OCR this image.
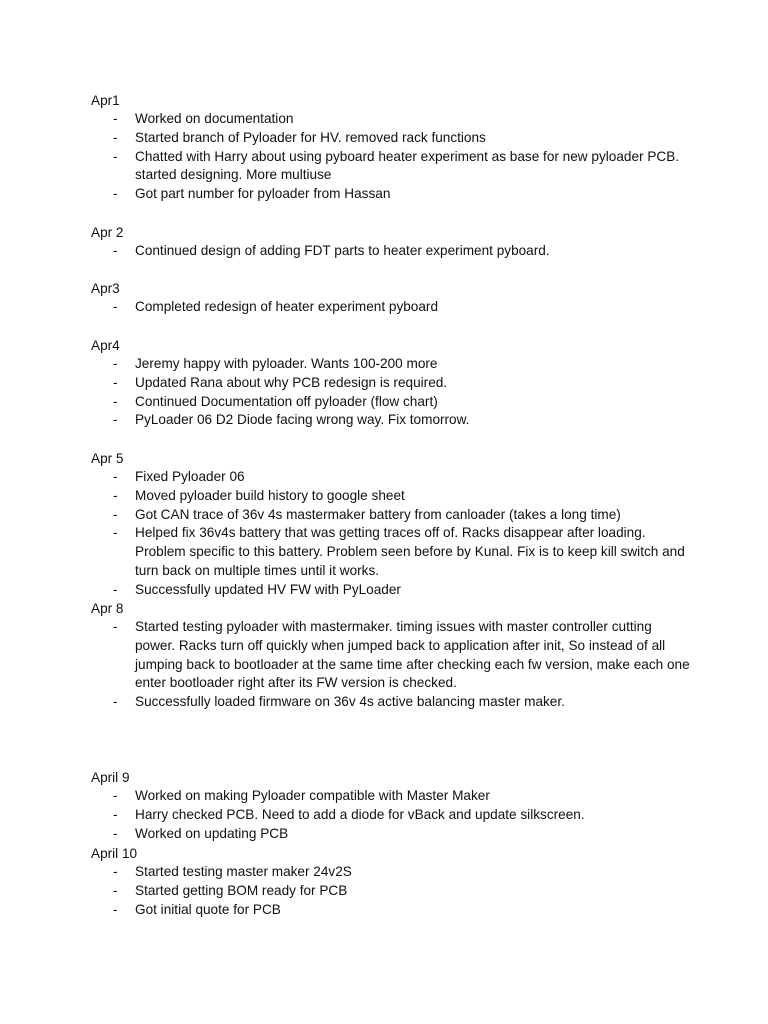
Apr1
- Worked on documentation
- Started branch of Pyloader for HV. removed rack functions
- Chatted with Harry about using pyboard heater experiment as base for new pyloader PCB. started designing. More multiuse
- Got part number for pyloader from Hassan
Apr 2
- Continued design of adding FDT parts to heater experiment pyboard.
Apr3
- Completed redesign of heater experiment pyboard
Apr4
- Jeremy happy with pyloader. Wants 100-200 more
- Updated Rana about why PCB redesign is required.
- Continued Documentation off pyloader (flow chart)
- PyLoader 06 D2 Diode facing wrong way. Fix tomorrow.
Apr 5
- Fixed Pyloader 06
- Moved pyloader build history to google sheet
- Got CAN trace of 36v 4s mastermaker battery from canloader (takes a long time)
- Helped fix 36v4s battery that was getting traces off of. Racks disappear after loading. Problem specific to this battery. Problem seen before by Kunal. Fix is to keep kill switch and turn back on multiple times until it works.
- Successfully updated HV FW with PyLoader
Apr 8
- Started testing pyloader with mastermaker. timing issues with master controller cutting power. Racks turn off quickly when jumped back to application after init, So instead of all jumping back to bootloader at the same time after checking each fw version, make each one enter bootloader right after its FW version is checked.
- Successfully loaded firmware on 36v 4s active balancing master maker.
April 9
- Worked on making Pyloader compatible with Master Maker
- Harry checked PCB. Need to add a diode for vBack and update silkscreen.
- Worked on updating PCB
April 10
- Started testing master maker 24v2S
- Started getting BOM ready for PCB
- Got initial quote for PCB
